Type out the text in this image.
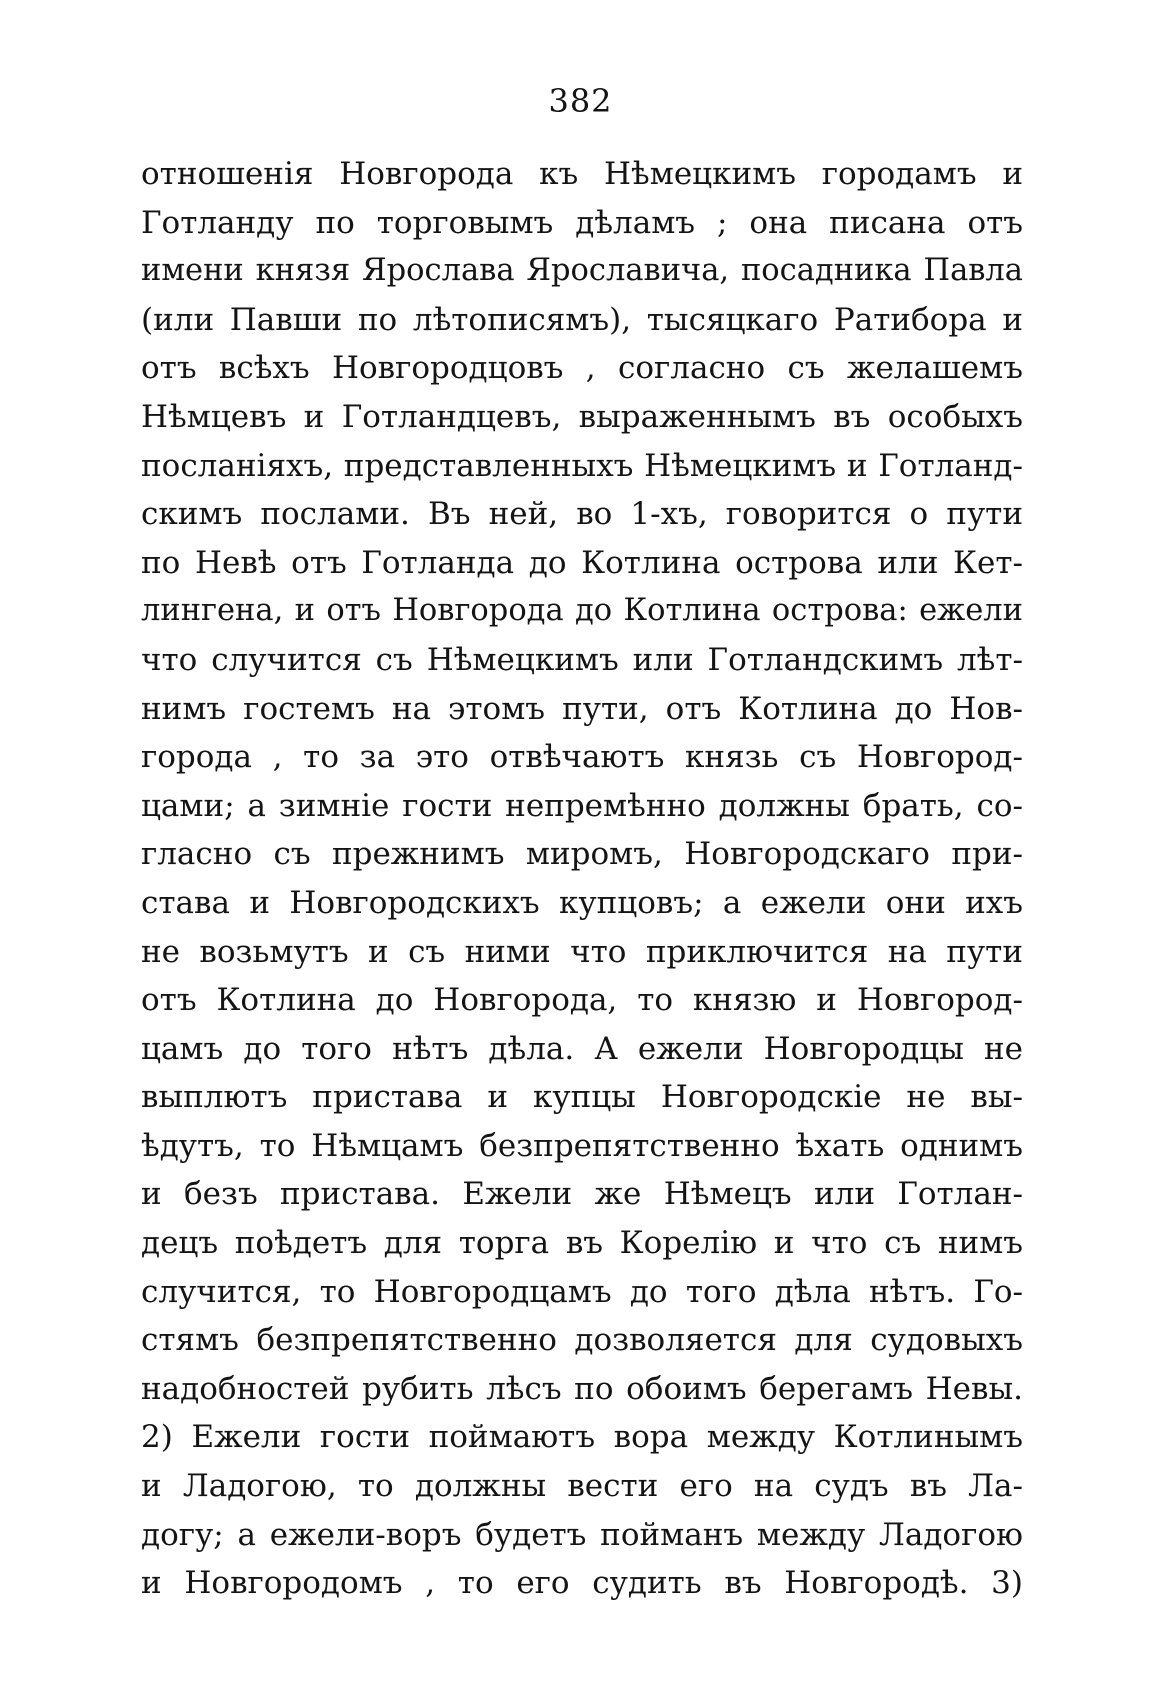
382
отношенія Новгорода къ Нѣмецкимъ городамъ и
Готланду по торговымъ дѣламъ ; она писана отъ
имени князя Ярослава Ярославича, посадника Павла
(или Павши по лѣтописямъ), тысяцкаго Ратибора и
отъ всѣхъ Новгородцовъ , согласно съ желашемъ
Нѣмцевъ и Готландцевъ, выраженнымъ въ особыхъ
посланіяхъ, представленныхъ Нѣмецкимъ и Готланд-
скимъ послами. Въ ней, во 1-хъ, говорится о пути
по Невѣ отъ Готланда до Котлина острова или Кет-
лингена, и отъ Новгорода до Котлина острова: ежели
что случится съ Нѣмецкимъ или Готландскимъ лѣт-
нимъ гостемъ на этомъ пути, отъ Котлина до Нов-
города , то за это отвѣчаютъ князь съ Новгород-
цами; а зимніе гости непремѣнно должны брать, со-
гласно съ прежнимъ миромъ, Новгородскаго при-
става и Новгородскихъ купцовъ; а ежели они ихъ
не возьмутъ и съ ними что приключится на пути
отъ Котлина до Новгорода, то князю и Новгород-
цамъ до того нѣтъ дѣла. А ежели Новгородцы не
выплютъ пристава и купцы Новгородскіе не вы-
ѣдутъ, то Нѣмцамъ безпрепятственно ѣхать однимъ
и безъ пристава. Ежели же Нѣмецъ или Готлан-
децъ поѣдетъ для торга въ Корелію и что съ нимъ
случится, то Новгородцамъ до того дѣла нѣтъ. Го-
стямъ безпрепятственно дозволяется для судовыхъ
надобностей рубить лѣсъ по обоимъ берегамъ Невы.
2) Ежели гости поймаютъ вора между Котлинымъ
и Ладогою, то должны вести его на судъ въ Ла-
догу; а ежели-воръ будетъ пойманъ между Ладогою
и Новгородомъ , то его судить въ Новгородѣ. 3)
